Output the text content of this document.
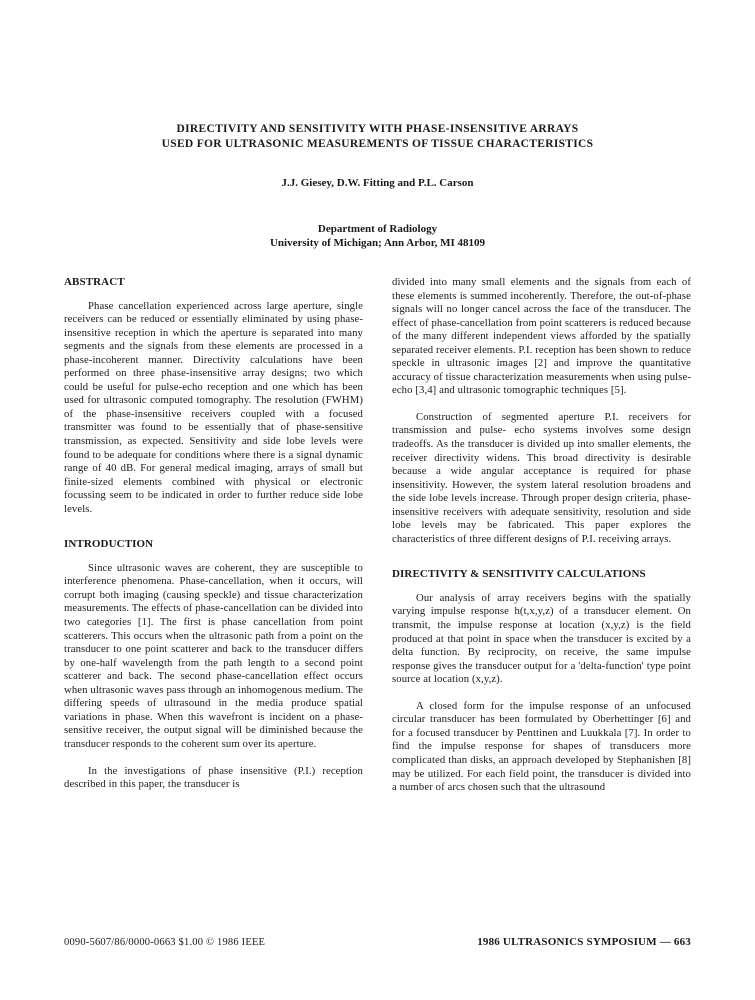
DIRECTIVITY AND SENSITIVITY WITH PHASE-INSENSITIVE ARRAYS
USED FOR ULTRASONIC MEASUREMENTS OF TISSUE CHARACTERISTICS
J.J. Giesey, D.W. Fitting and P.L. Carson
Department of Radiology
University of Michigan; Ann Arbor, MI 48109
ABSTRACT

Phase cancellation experienced across large aperture, single receivers can be reduced or essentially eliminated by using phase-insensitive reception in which the aperture is separated into many segments and the signals from these elements are processed in a phase-incoherent manner. Directivity calculations have been performed on three phase-insensitive array designs; two which could be useful for pulse-echo reception and one which has been used for ultrasonic computed tomography. The resolution (FWHM) of the phase-insensitive receivers coupled with a focused transmitter was found to be essentially that of phase-sensitive transmission, as expected. Sensitivity and side lobe levels were found to be adequate for conditions where there is a signal dynamic range of 40 dB. For general medical imaging, arrays of small but finite-sized elements combined with physical or electronic focussing seem to be indicated in order to further reduce side lobe levels.

INTRODUCTION

Since ultrasonic waves are coherent, they are susceptible to interference phenomena. Phase-cancellation, when it occurs, will corrupt both imaging (causing speckle) and tissue characterization measurements. The effects of phase-cancellation can be divided into two categories [1]. The first is phase cancellation from point scatterers. This occurs when the ultrasonic path from a point on the transducer to one point scatterer and back to the transducer differs by one-half wavelength from the path length to a second point scatterer and back. The second phase-cancellation effect occurs when ultrasonic waves pass through an inhomogenous medium. The differing speeds of ultrasound in the media produce spatial variations in phase. When this wavefront is incident on a phase-sensitive receiver, the output signal will be diminished because the transducer responds to the coherent sum over its aperture.

In the investigations of phase insensitive (P.I.) reception described in this paper, the transducer is

divided into many small elements and the signals from each of these elements is summed incoherently. Therefore, the out-of-phase signals will no longer cancel across the face of the transducer. The effect of phase-cancellation from point scatterers is reduced because of the many different independent views afforded by the spatially separated receiver elements. P.I. reception has been shown to reduce speckle in ultrasonic images [2] and improve the quantitative accuracy of tissue characterization measurements when using pulse-echo [3,4] and ultrasonic tomographic techniques [5].

Construction of segmented aperture P.I. receivers for transmission and pulse- echo systems involves some design tradeoffs. As the transducer is divided up into smaller elements, the receiver directivity widens. This broad directivity is desirable because a wide angular acceptance is required for phase insensitivity. However, the system lateral resolution broadens and the side lobe levels increase. Through proper design criteria, phase-insensitive receivers with adequate sensitivity, resolution and side lobe levels may be fabricated. This paper explores the characteristics of three different designs of P.I. receiving arrays.

DIRECTIVITY & SENSITIVITY CALCULATIONS

Our analysis of array receivers begins with the spatially varying impulse response h(t,x,y,z) of a transducer element. On transmit, the impulse response at location (x,y,z) is the field produced at that point in space when the transducer is excited by a delta function. By reciprocity, on receive, the same impulse response gives the transducer output for a 'delta-function' type point source at location (x,y,z).

A closed form for the impulse response of an unfocused circular transducer has been formulated by Oberhettinger [6] and for a focused transducer by Penttinen and Luukkala [7]. In order to find the impulse response for shapes of transducers more complicated than disks, an approach developed by Stephanishen [8] may be utilized. For each field point, the transducer is divided into a number of arcs chosen such that the ultrasound

0090-5607/86/0000-0663 $1.00 © 1986 IEEE	1986 ULTRASONICS SYMPOSIUM — 663
